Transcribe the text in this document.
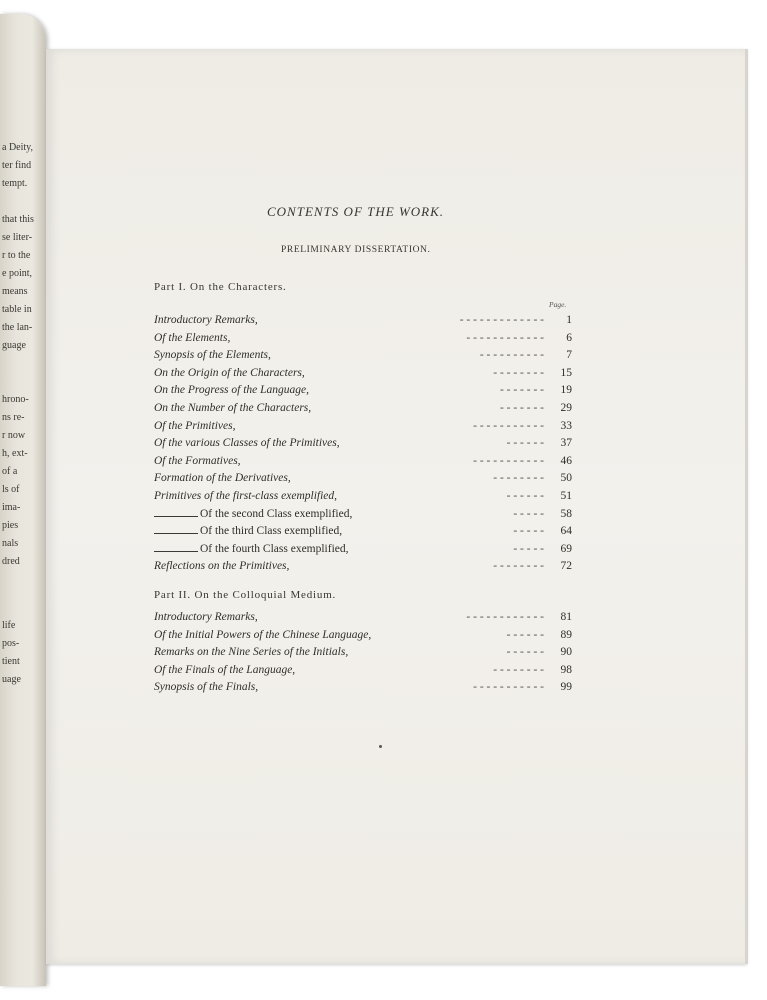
a Deity,
ter find
tempt.
that this
se liter-
r to the
e point,
means
table in
the lan-
guage
hrono-
ns re-
r now
h, ext-
of a
ls of
ima-
pies
nals
dred
life
pos-
tient
uage
CONTENTS OF THE WORK.
PRELIMINARY DISSERTATION.
Part I. On the Characters.
Page.
Introductory Remarks,	- - - - - - - - - - - - -	1
Of the Elements,	- - - - - - - - - - - -	6
Synopsis of the Elements,	- - - - - - - - - -	7
On the Origin of the Characters,	- - - - - - - -	15
On the Progress of the Language,	- - - - - - -	19
On the Number of the Characters,	- - - - - - -	29
Of the Primitives,	- - - - - - - - - - -	33
Of the various Classes of the Primitives,	- - - - - -	37
Of the Formatives,	- - - - - - - - - - -	46
Formation of the Derivatives,	- - - - - - - -	50
Primitives of the first-class exemplified,	- - - - - -	51
Of the second Class exemplified,	- - - - -	58
Of the third Class exemplified,	- - - - -	64
Of the fourth Class exemplified,	- - - - -	69
Reflections on the Primitives,	- - - - - - - -	72
Part II. On the Colloquial Medium.
Introductory Remarks,	- - - - - - - - - - - -	81
Of the Initial Powers of the Chinese Language,	- - - - - -	89
Remarks on the Nine Series of the Initials,	- - - - - -	90
Of the Finals of the Language,	- - - - - - - -	98
Synopsis of the Finals,	- - - - - - - - - - -	99
